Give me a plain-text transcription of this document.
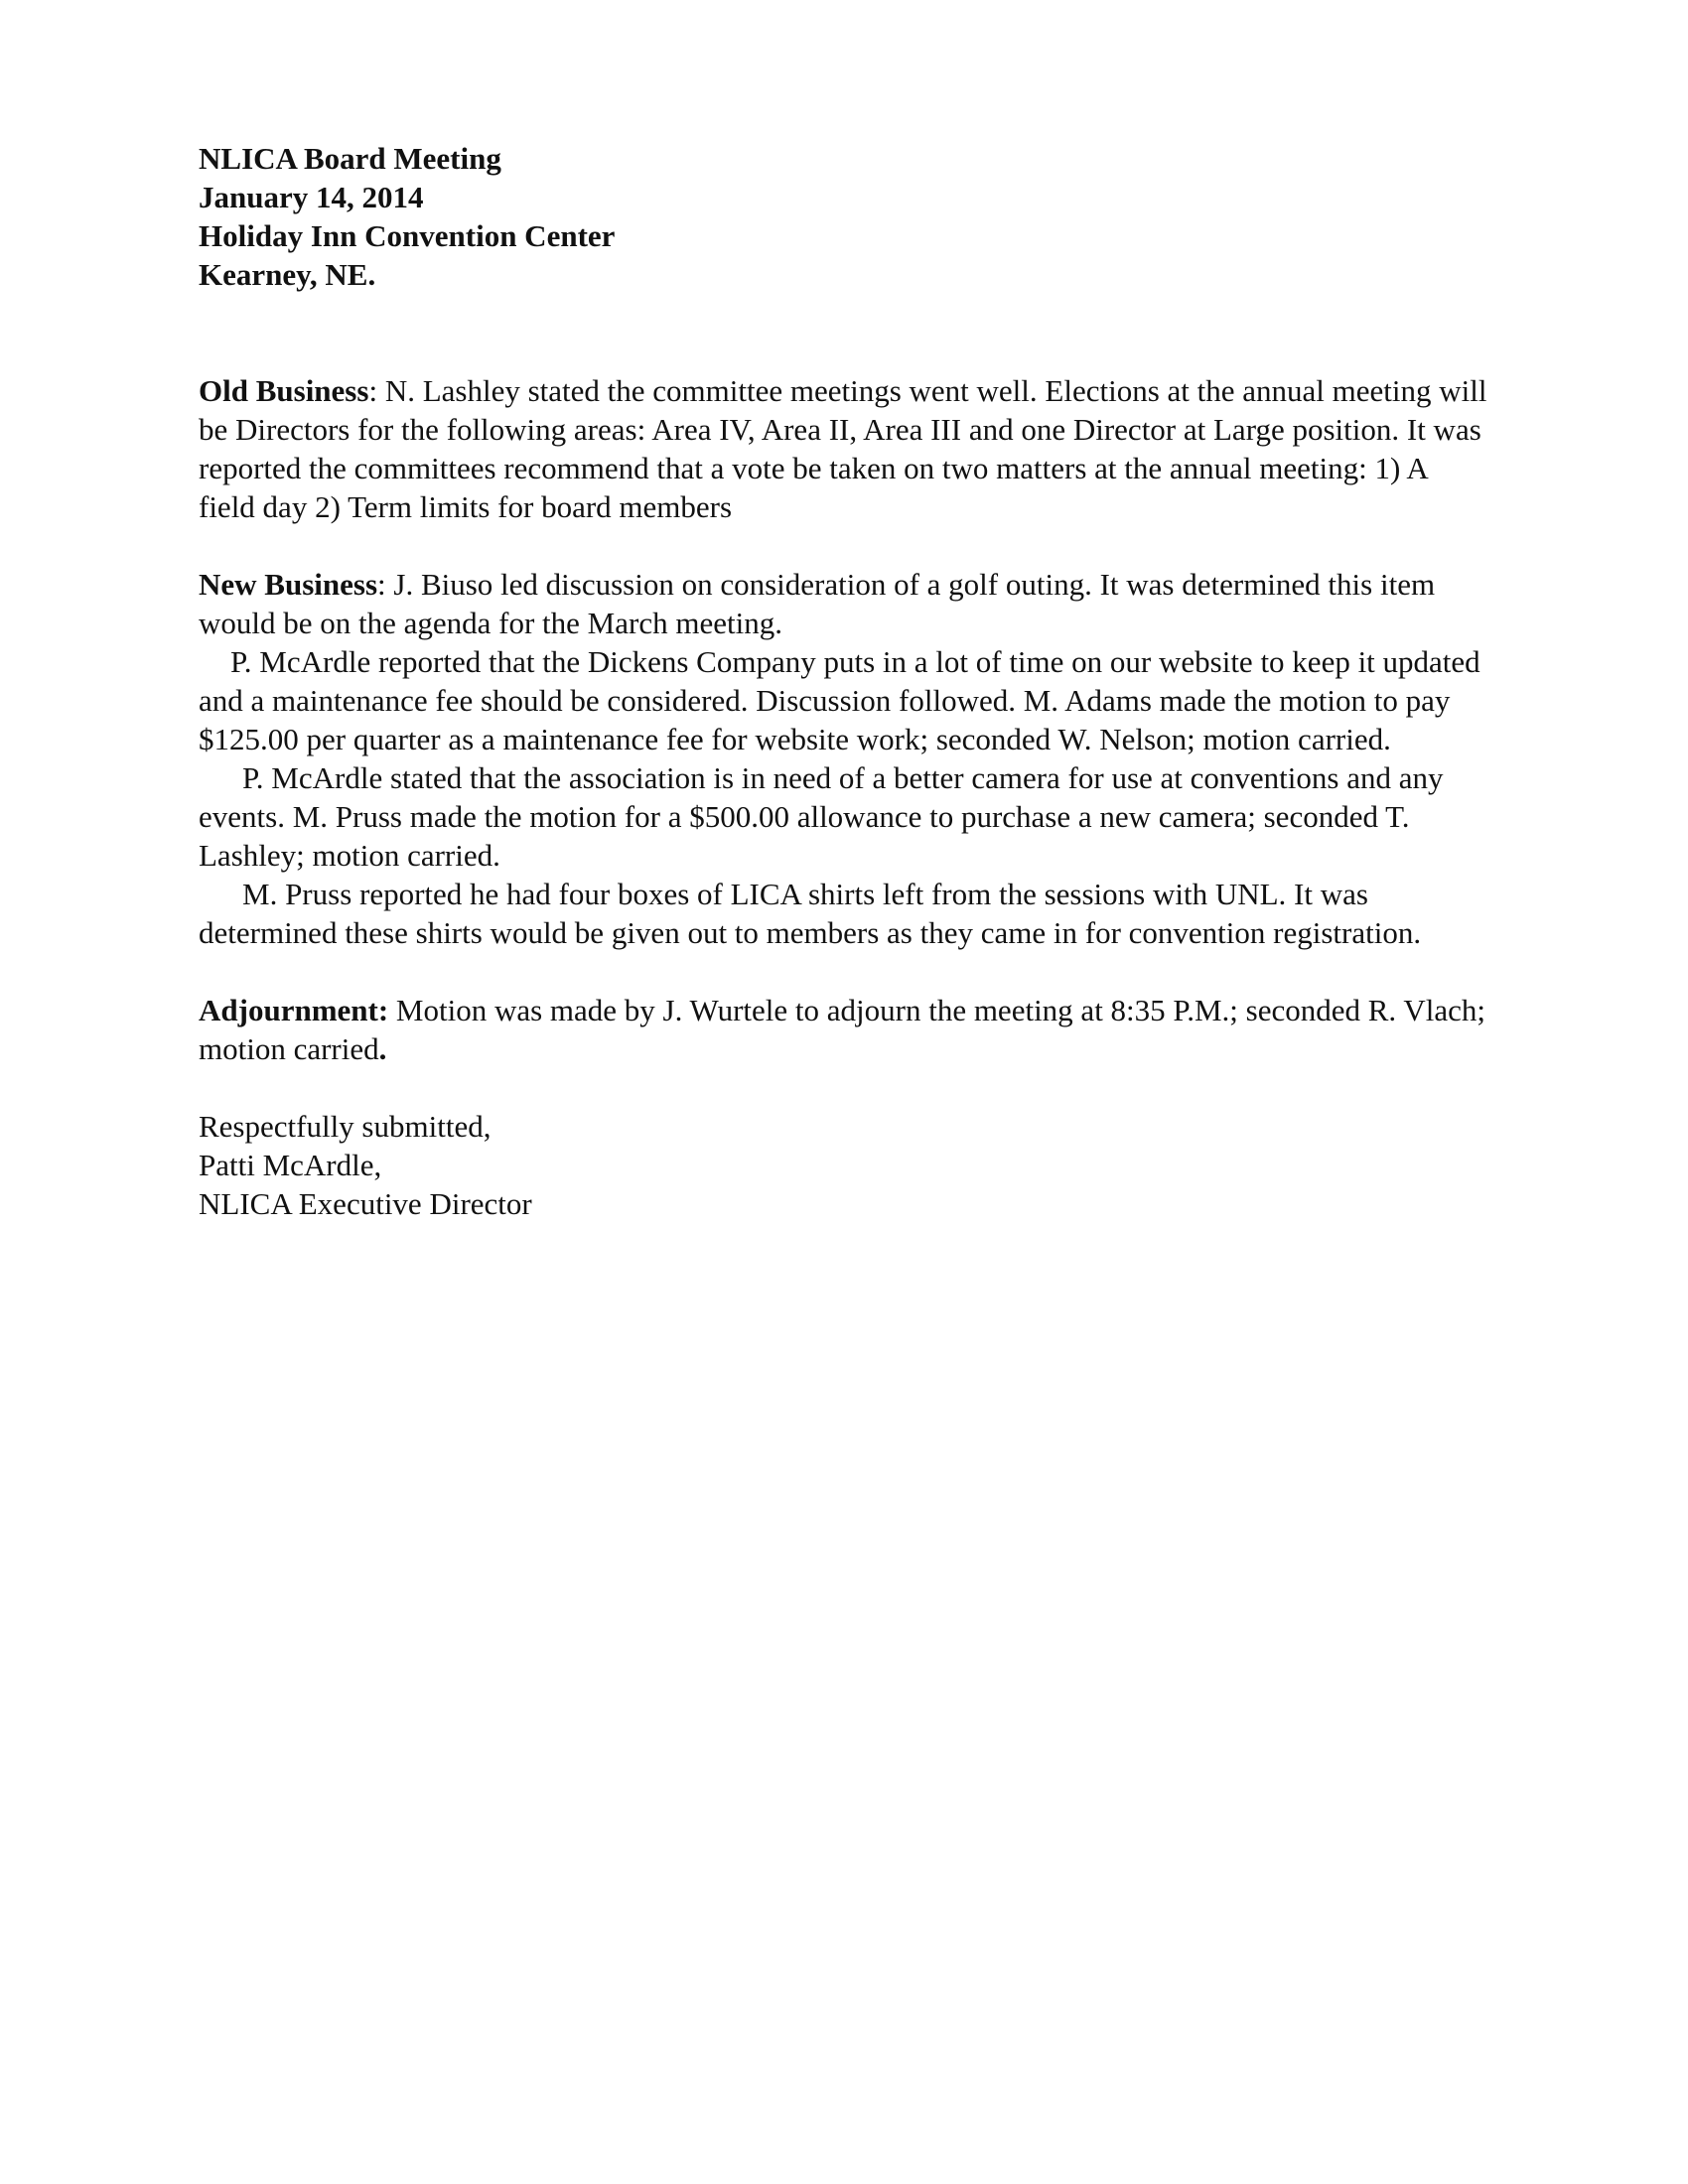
NLICA Board Meeting
January 14, 2014
Holiday Inn Convention Center
Kearney, NE.

Old Business: N. Lashley stated the committee meetings went well. Elections at the annual meeting will be Directors for the following areas: Area IV, Area II, Area III and one Director at Large position. It was reported the committees recommend that a vote be taken on two matters at the annual meeting: 1) A field day 2) Term limits for board members

New Business: J. Biuso led discussion on consideration of a golf outing. It was determined this item would be on the agenda for the March meeting.

P. McArdle reported that the Dickens Company puts in a lot of time on our website to keep it updated and a maintenance fee should be considered. Discussion followed. M. Adams made the motion to pay $125.00 per quarter as a maintenance fee for website work; seconded W. Nelson; motion carried.

P. McArdle stated that the association is in need of a better camera for use at conventions and any events. M. Pruss made the motion for a $500.00 allowance to purchase a new camera; seconded T. Lashley; motion carried.

M. Pruss reported he had four boxes of LICA shirts left from the sessions with UNL. It was determined these shirts would be given out to members as they came in for convention registration.

Adjournment: Motion was made by J. Wurtele to adjourn the meeting at 8:35 P.M.; seconded R. Vlach; motion carried.

Respectfully submitted,
Patti McArdle,
NLICA Executive Director
